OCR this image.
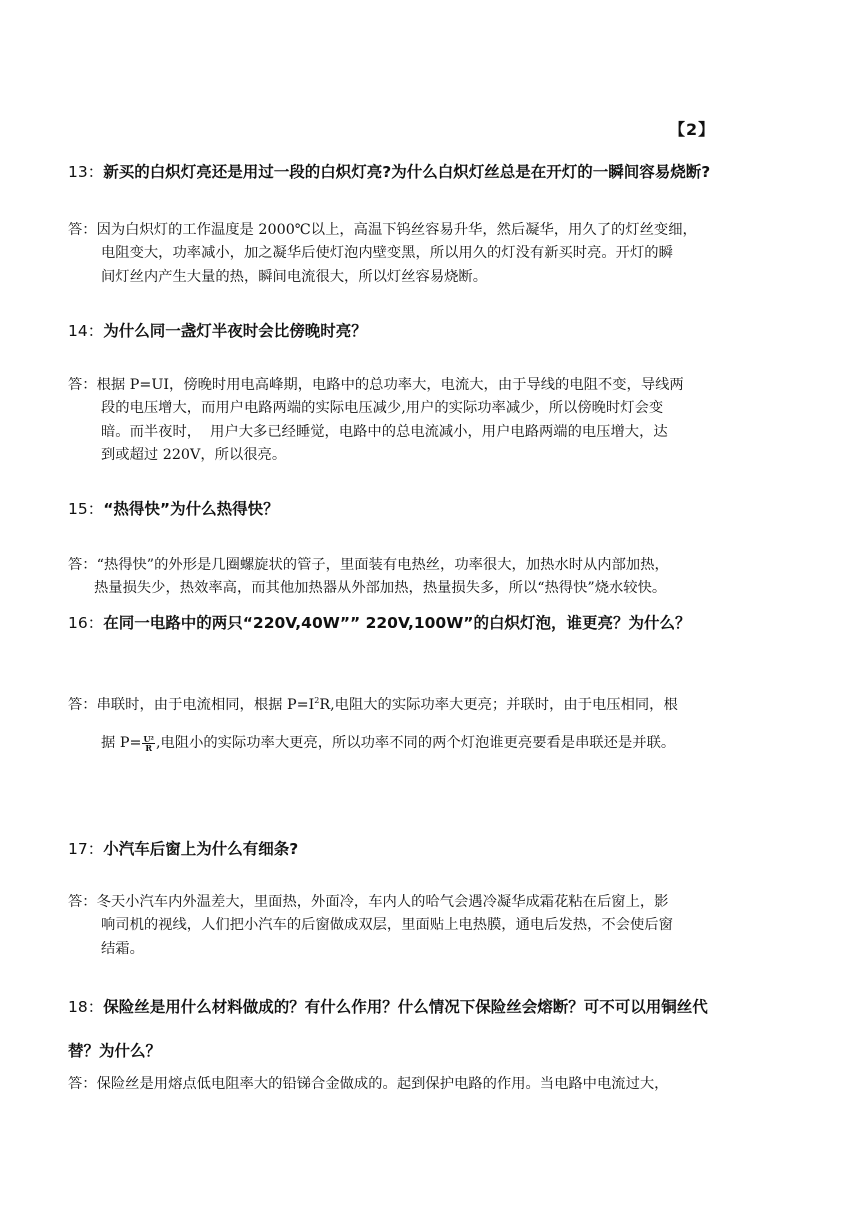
【2】
13：新买的白炽灯亮还是用过一段的白炽灯亮?为什么白炽灯丝总是在开灯的一瞬间容易烧断?
答：因为白炽灯的工作温度是 2000℃以上，高温下钨丝容易升华，然后凝华，用久了的灯丝变细，
电阻变大，功率减小，加之凝华后使灯泡内壁变黑，所以用久的灯没有新买时亮。开灯的瞬
间灯丝内产生大量的热，瞬间电流很大，所以灯丝容易烧断。
14：为什么同一盏灯半夜时会比傍晚时亮？
答：根据 P=UI，傍晚时用电高峰期，电路中的总功率大，电流大，由于导线的电阻不变，导线两
段的电压增大，而用户电路两端的实际电压减少,用户的实际功率减少，所以傍晚时灯会变
暗。而半夜时，  用户大多已经睡觉，电路中的总电流减小，用户电路两端的电压增大，达
到或超过 220V，所以很亮。
15：“热得快”为什么热得快？
答：“热得快”的外形是几圈螺旋状的管子，里面装有电热丝，功率很大，加热水时从内部加热，
热量损失少，热效率高，而其他加热器从外部加热，热量损失多，所以“热得快”烧水较快。
16：在同一电路中的两只“220V,40W”” 220V,100W”的白炽灯泡，谁更亮？为什么？
答：串联时，由于电流相同，根据 $P=I^2R$,电阻大的实际功率大更亮；并联时，由于电压相同，根
据 $P= \frac{\text{U²}}{R}$ ,电阻小的实际功率大更亮，所以功率不同的两个灯泡谁更亮要看是串联还是并联。
17：小汽车后窗上为什么有细条?
答：冬天小汽车内外温差大，里面热，外面冷，车内人的哈气会遇冷凝华成霜花粘在后窗上，影
响司机的视线，人们把小汽车的后窗做成双层，里面贴上电热膜，通电后发热，不会使后窗
结霜。
18：保险丝是用什么材料做成的？有什么作用？什么情况下保险丝会熔断？可不可以用铜丝代
替？为什么？
答：保险丝是用熔点低电阻率大的铅锑合金做成的。起到保护电路的作用。当电路中电流过大，
